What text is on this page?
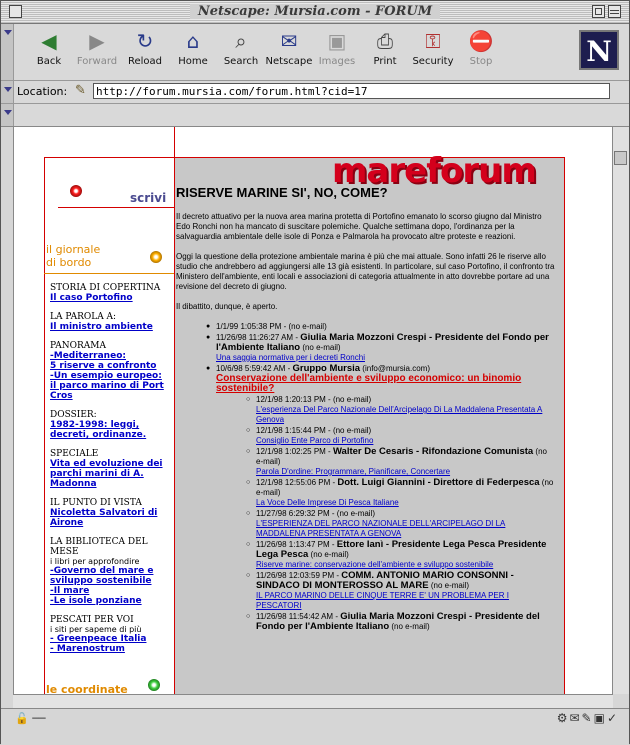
Netscape: Mursia.com - FORUM
◀
Back
▶
Forward
↻
Reload
⌂
Home
⌕
Search
✉
Netscape
▣
Images
⎙
Print
⚿
Security
⛔
Stop	N
Location: ✎ http://forum.mursia.com/forum.html?cid=17
mareforum
scrivi
il giornale
di bordo
STORIA DI COPERTINA
Il caso Portofino
LA PAROLA A:
Il ministro ambiente
PANORAMA
-Mediterraneo:
5 riserve a confronto
-Un esempio europeo:
il parco marino di Port Cros
DOSSIER:
1982-1998: leggi, decreti, ordinanze.
SPECIALE
Vita ed evoluzione dei parchi marini di A. Madonna
IL PUNTO DI VISTA
Nicoletta Salvatori di Airone
LA BIBLIOTECA DEL MESE
i libri per approfondire
-Governo del mare e sviluppo sostenibile
-Il mare
-Le isole ponziane
PESCATI PER VOI
i siti per sapeme di più
- Greenpeace Italia
- Marenostrum
le coordinate
RISERVE MARINE SI', NO, COME?

Il decreto attuativo per la nuova area marina protetta di Portofino emanato lo scorso giugno dal Ministro Edo Ronchi non ha mancato di suscitare polemiche. Qualche settimana dopo, l'ordinanza per la salvaguardia ambientale delle isole di Ponza e Palmarola ha provocato altre proteste e reazioni.

Oggi la questione della protezione ambientale marina è più che mai attuale. Sono infatti 26 le riserve allo studio che andrebbero ad aggiungersi alle 13 già esistenti. In particolare, sul caso Portofino, il confronto tra Ministero dell'ambiente, enti locali e associazioni di categoria attualmente in atto dovrebbe portare ad una revisione del decreto di giugno.

Il dibattito, dunque, è aperto.

● 1/1/99 1:05:38 PM - (no e-mail)
● 11/26/98 11:26:27 AM - Giulia Maria Mozzoni Crespi - Presidente del Fondo per l'Ambiente Italiano (no e-mail)
Una saggia normativa per i decreti Ronchi
● 10/6/98 5:59:42 AM - Gruppo Mursia (info@mursia.com)
Conservazione dell'ambiente e sviluppo economico: un binomio sostenibile?
○ 12/1/98 1:20:13 PM - (no e-mail)
L'esperienza Del Parco Nazionale Dell'Arcipelago Di La Maddalena Presentata A Genova
○ 12/1/98 1:15:44 PM - (no e-mail)
Consiglio Ente Parco di Portofino
○ 12/1/98 1:02:25 PM - Walter De Cesaris - Rifondazione Comunista (no e-mail)
Parola D'ordine: Programmare, Pianificare, Concertare
○ 12/1/98 12:55:06 PM - Dott. Luigi Giannini - Direttore di Federpesca (no e-mail)
La Voce Delle Imprese Di Pesca Italiane
○ 11/27/98 6:29:32 PM - (no e-mail)
L'ESPERIENZA DEL PARCO NAZIONALE DELL'ARCIPELAGO DI LA MADDALENA PRESENTATA A GENOVA
○ 11/26/98 1:13:47 PM - Ettore Ianì - Presidente Lega Pesca Presidente Lega Pesca (no e-mail)
Riserve marine: conservazione dell'ambiente e sviluppo sostenibile
○ 11/26/98 12:03:59 PM - COMM. ANTONIO MARIO CONSONNI - SINDACO DI MONTEROSSO AL MARE (no e-mail)
IL PARCO MARINO DELLE CINQUE TERRE E' UN PROBLEMA PER I PESCATORI
○ 11/26/98 11:54:42 AM - Giulia Maria Mozzoni Crespi - Presidente del Fondo per l'Ambiente Italiano (no e-mail)
🔓 ──	⚙✉✎▣✓
